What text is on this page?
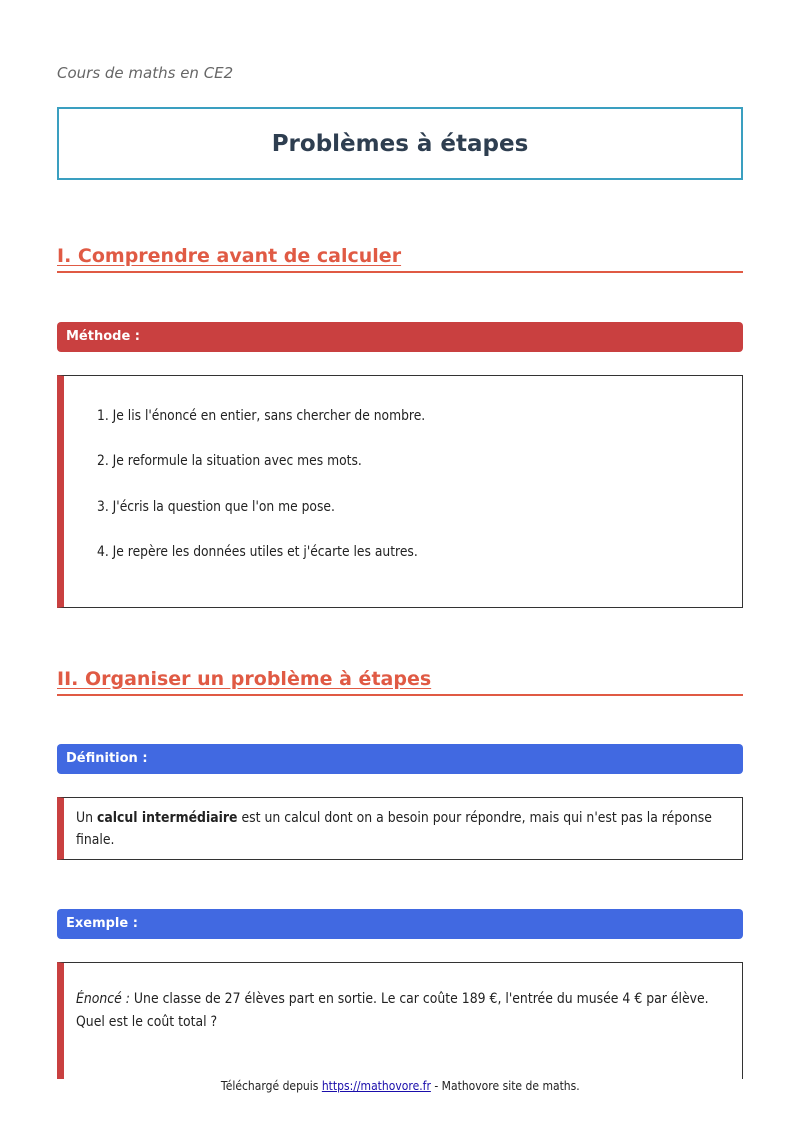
Cours de maths en CE2
Problèmes à étapes
I. Comprendre avant de calculer
Méthode :
1. Je lis l'énoncé en entier, sans chercher de nombre.
2. Je reformule la situation avec mes mots.
3. J'écris la question que l'on me pose.
4. Je repère les données utiles et j'écarte les autres.
II. Organiser un problème à étapes
Définition :
Un calcul intermédiaire est un calcul dont on a besoin pour répondre, mais qui n'est pas la réponse finale.
Exemple :
Énoncé : Une classe de 27 élèves part en sortie. Le car coûte 189 €, l'entrée du musée 4 € par élève. Quel est le coût total ?
Téléchargé depuis https://mathovore.fr - Mathovore site de maths.
